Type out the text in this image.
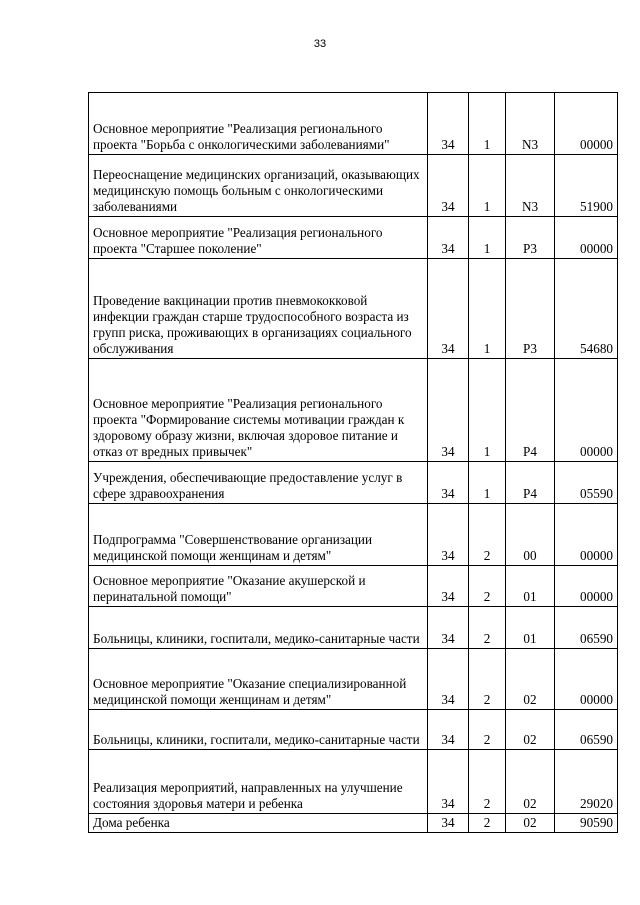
33
Основное мероприятие "Реализация регионального проекта "Борьба с онкологическими заболеваниями"	34	1	N3	00000
Переоснащение медицинских организаций, оказывающих медицинскую помощь больным с онкологическими заболеваниями	34	1	N3	51900
Основное мероприятие "Реализация регионального проекта "Старшее поколение"	34	1	P3	00000
Проведение вакцинации против пневмококковой инфекции граждан старше трудоспособного возраста из групп риска, проживающих в организациях социального обслуживания	34	1	P3	54680
Основное мероприятие "Реализация регионального проекта "Формирование системы мотивации граждан к здоровому образу жизни, включая здоровое питание и отказ от вредных привычек"	34	1	P4	00000
Учреждения, обеспечивающие предоставление услуг в сфере здравоохранения	34	1	P4	05590
Подпрограмма "Совершенствование организации медицинской помощи женщинам и детям"	34	2	00	00000
Основное мероприятие "Оказание акушерской и перинатальной помощи"	34	2	01	00000
Больницы, клиники, госпитали, медико-санитарные части	34	2	01	06590
Основное мероприятие "Оказание специализированной медицинской помощи женщинам и детям"	34	2	02	00000
Больницы, клиники, госпитали, медико-санитарные части	34	2	02	06590
Реализация мероприятий, направленных на улучшение состояния здоровья матери и ребенка	34	2	02	29020
Дома ребенка	34	2	02	90590
